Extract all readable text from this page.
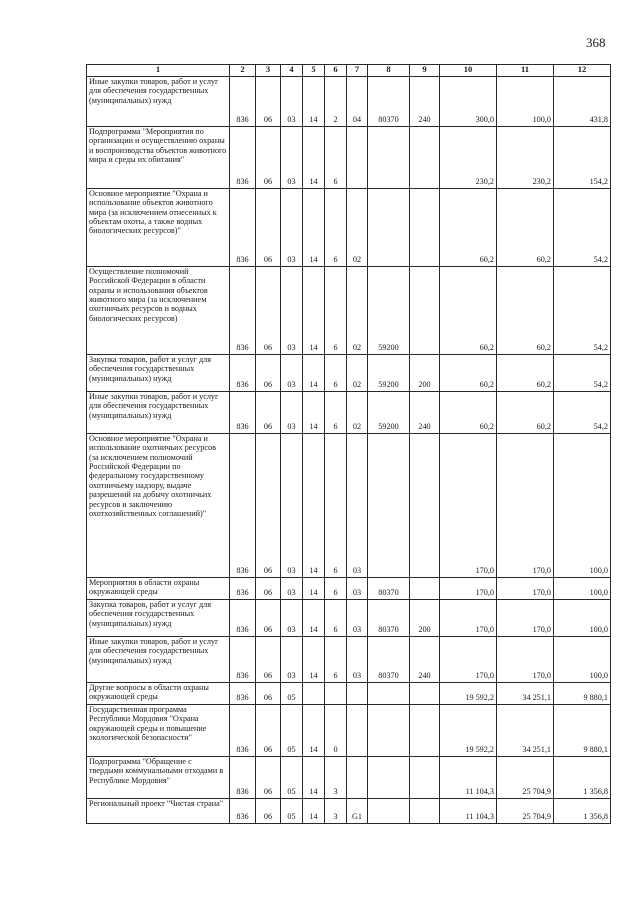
368
1	2	3	4	5	6	7	8	9	10	11	12
Иные закупки товаров, работ и услуг для обеспечения государственных (муниципальных) нужд	836	06	03	14	2	04	80370	240	300,0	100,0	431,8
Подпрограмма "Мероприятия по организации и осуществлению охраны и воспроизводства объектов животного мира и среды их обитания"	836	06	03	14	6				230,2	230,2	154,2
Основное мероприятие "Охрана и использование объектов животного мира (за исключением отнесенных к объектам охоты, а также водных биологических ресурсов)"	836	06	03	14	6	02			60,2	60,2	54,2
Осуществление полномочий Российской Федерации в области охраны и использования объектов животного мира (за исключением охотничьих ресурсов и водных биологических ресурсов)	836	06	03	14	6	02	59200		60,2	60,2	54,2
Закупка товаров, работ и услуг для обеспечения государственных (муниципальных) нужд	836	06	03	14	6	02	59200	200	60,2	60,2	54,2
Иные закупки товаров, работ и услуг для обеспечения государственных (муниципальных) нужд	836	06	03	14	6	02	59200	240	60,2	60,2	54,2
Основное мероприятие "Охрана и использование охотничьих ресурсов (за исключением полномочий Российской Федерации по федеральному государственному охотничьему надзору, выдаче разрешений на добычу охотничьих ресурсов и заключению охотхозяйственных соглашений)"	836	06	03	14	6	03			170,0	170,0	100,0
Мероприятия в области охраны окружающей среды	836	06	03	14	6	03	80370		170,0	170,0	100,0
Закупка товаров, работ и услуг для обеспечения государственных (муниципальных) нужд	836	06	03	14	6	03	80370	200	170,0	170,0	100,0
Иные закупки товаров, работ и услуг для обеспечения государственных (муниципальных) нужд	836	06	03	14	6	03	80370	240	170,0	170,0	100,0
Другие вопросы в области охраны окружающей среды	836	06	05						19 592,2	34 251,1	9 880,1
Государственная программа Республики Мордовия "Охрана окружающей среды и повышение экологической безопасности"	836	06	05	14	0				19 592,2	34 251,1	9 880,1
Подпрограмма "Обращение с твердыми коммунальными отходами в Республике Мордовия"	836	06	05	14	3				11 104,3	25 704,9	1 356,8
Региональный проект "Чистая страна"	836	06	05	14	3	G1			11 104,3	25 704,9	1 356,8
